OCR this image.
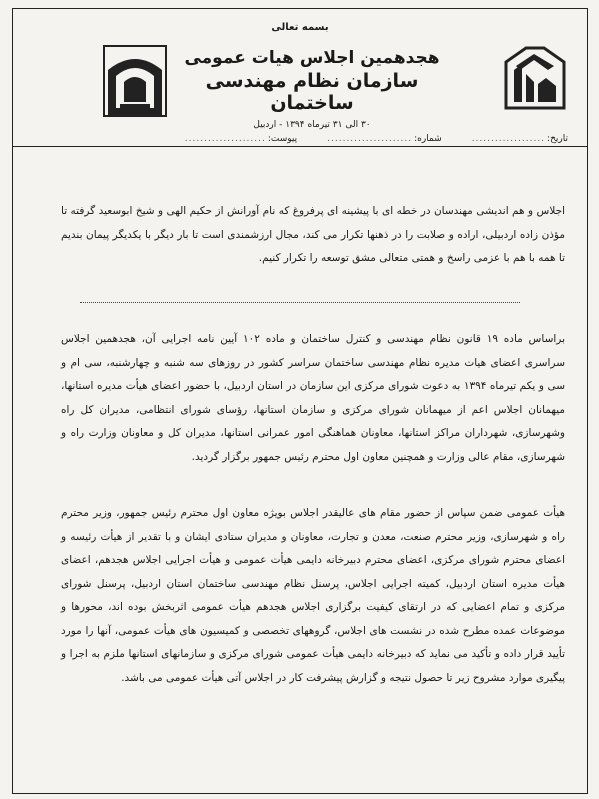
بسمه تعالی
هجدهمین اجلاس هیات عمومی
سازمان نظام مهندسی ساختمان
۳۰ الی ۳۱ تیرماه ۱۳۹۴ - اردبیل
تاریخ:
...................
شماره:
......................
پیوست:
.....................

اجلاس و هم اندیشی مهندسان در خطه ای با پیشینه ای پرفروغ که نام آورانش از حکیم الهی و شیخ ابوسعید گرفته تا مؤذن زاده اردبیلی، اراده و صلابت را در ذهنها تکرار می کند، مجال ارزشمندی است تا بار دیگر با یکدیگر پیمان بندیم تا همه با هم با عزمی راسخ و همتی متعالی مشق توسعه را تکرار کنیم.

براساس ماده ۱۹ قانون نظام مهندسی و کنترل ساختمان و ماده ۱۰۲ آیین نامه اجرایی آن، هجدهمین اجلاس سراسری اعضای هیات مدیره نظام مهندسی ساختمان سراسر کشور در روزهای سه شنبه و چهارشنبه، سی ام و سی و یکم تیرماه ۱۳۹۴ به دعوت شورای مرکزی این سازمان در استان اردبیل، با حضور اعضای هیأت مدیره استانها، میهمانان اجلاس اعم از میهمانان شورای مرکزی و سازمان استانها، رؤسای شورای انتظامی، مدیران کل راه وشهرسازی، شهرداران مراکز استانها، معاونان هماهنگی امور عمرانی استانها، مدیران کل و معاونان وزارت راه و شهرسازی، مقام عالی وزارت و همچنین معاون اول محترم رئیس جمهور برگزار گردید.

هیأت عمومی ضمن سپاس از حضور مقام های عالیقدر اجلاس بویژه معاون اول محترم رئیس جمهور، وزیر محترم راه و شهرسازی، وزیر محترم صنعت، معدن و تجارت، معاونان و مدیران ستادی ایشان و با تقدیر از هیأت رئیسه و اعضای محترم شورای مرکزی، اعضای محترم دبیرخانه دایمی هیأت عمومی و هیأت اجرایی اجلاس هجدهم، اعضای هیأت مدیره استان اردبیل، کمیته اجرایی اجلاس، پرسنل نظام مهندسی ساختمان استان اردبیل، پرسنل شورای مرکزی و تمام اعضایی که در ارتقای کیفیت برگزاری اجلاس هجدهم هیأت عمومی اثربخش بوده اند، محورها و موضوعات عمده مطرح شده در نشست های اجلاس، گروههای تخصصی و کمیسیون های هیأت عمومی، آنها را مورد تأیید قرار داده و تأکید می نماید که دبیرخانه دایمی هیأت عمومی شورای مرکزی و سازمانهای استانها ملزم به اجرا و پیگیری موارد مشروح زیر تا حصول نتیجه و گزارش پیشرفت کار در اجلاس آتی هیأت عمومی می باشد.
